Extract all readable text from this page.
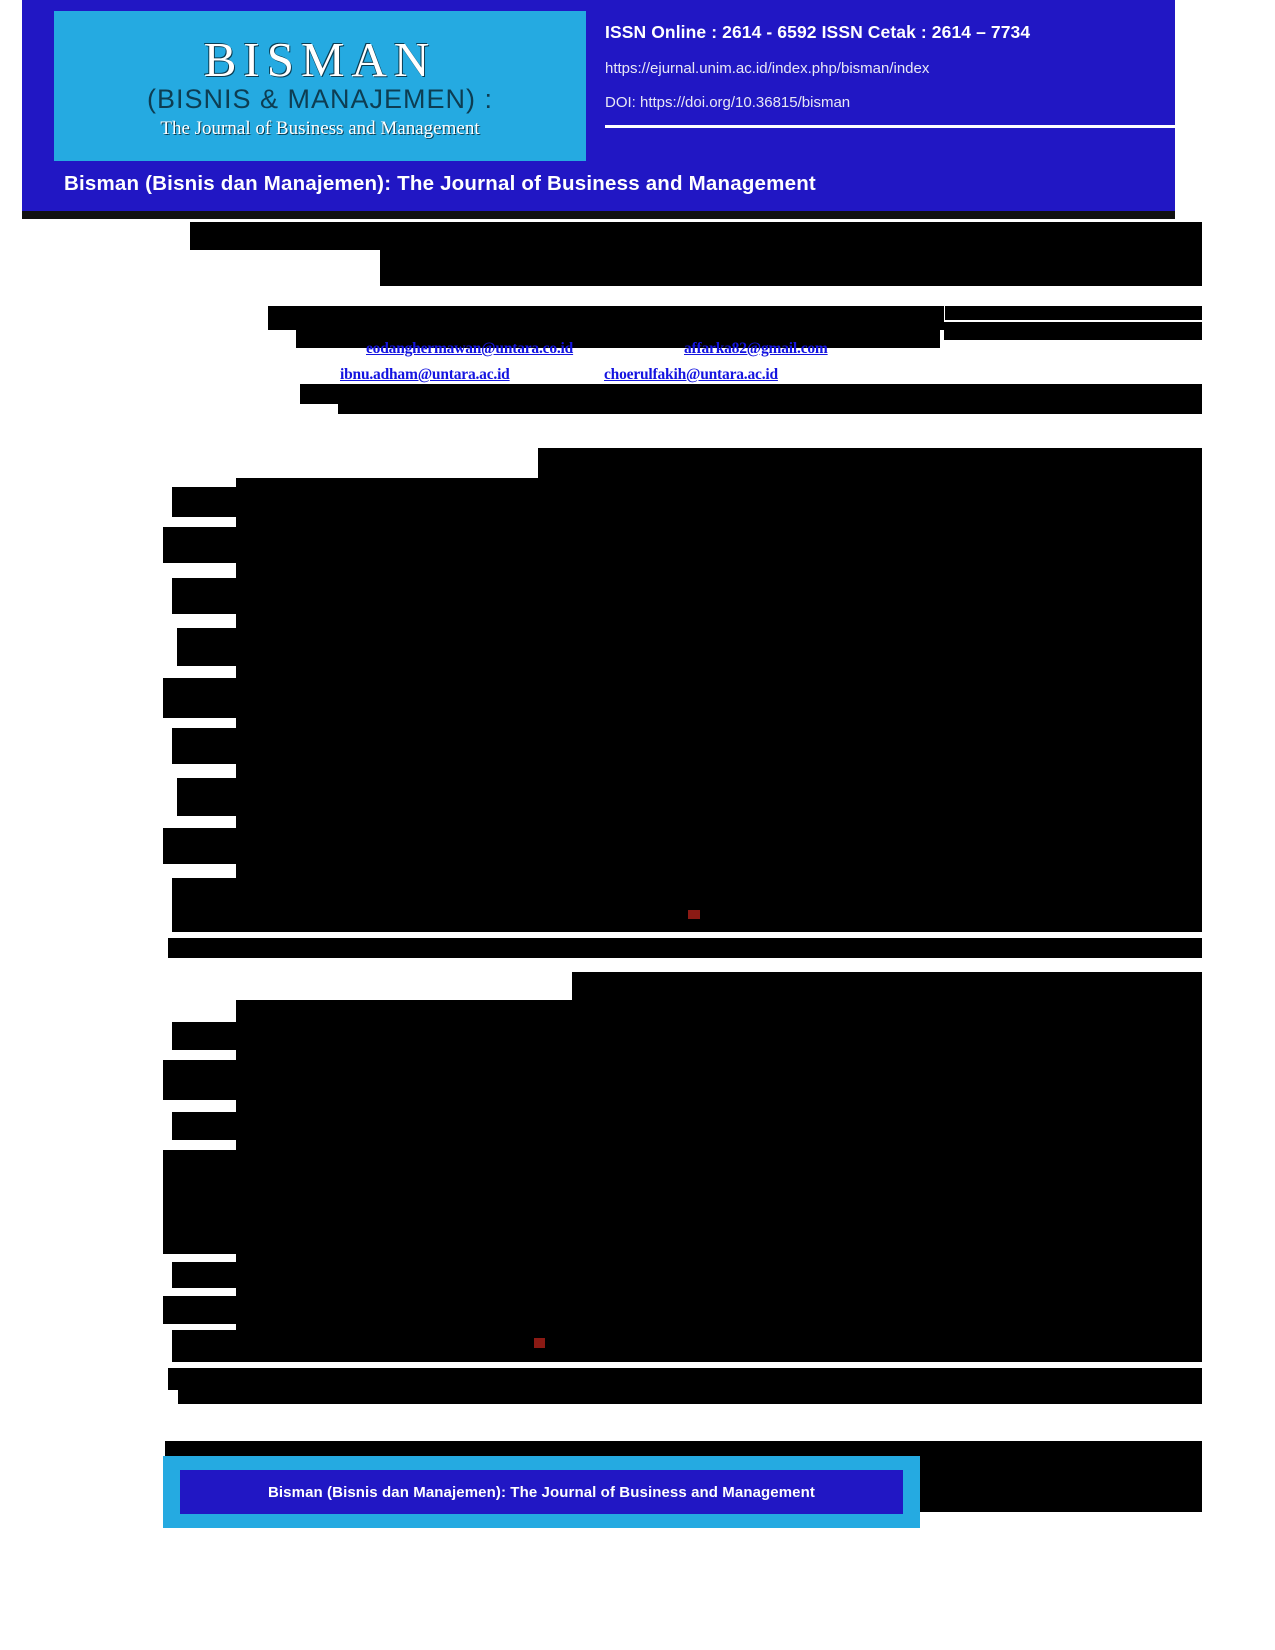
BISMAN
(BISNIS & MANAJEMEN) :
The Journal of Business and Management
ISSN Online : 2614 - 6592 ISSN Cetak : 2614 – 7734
https://ejurnal.unim.ac.id/index.php/bisman/index
DOI: https://doi.org/10.36815/bisman
Bisman (Bisnis dan Manajemen): The Journal of Business and Management
eodanghermawan@untara.co.id	affarka82@gmail.com
ibnu.adham@untara.ac.id	choerulfakih@untara.ac.id
Bisman (Bisnis dan Manajemen): The Journal of Business and Management
